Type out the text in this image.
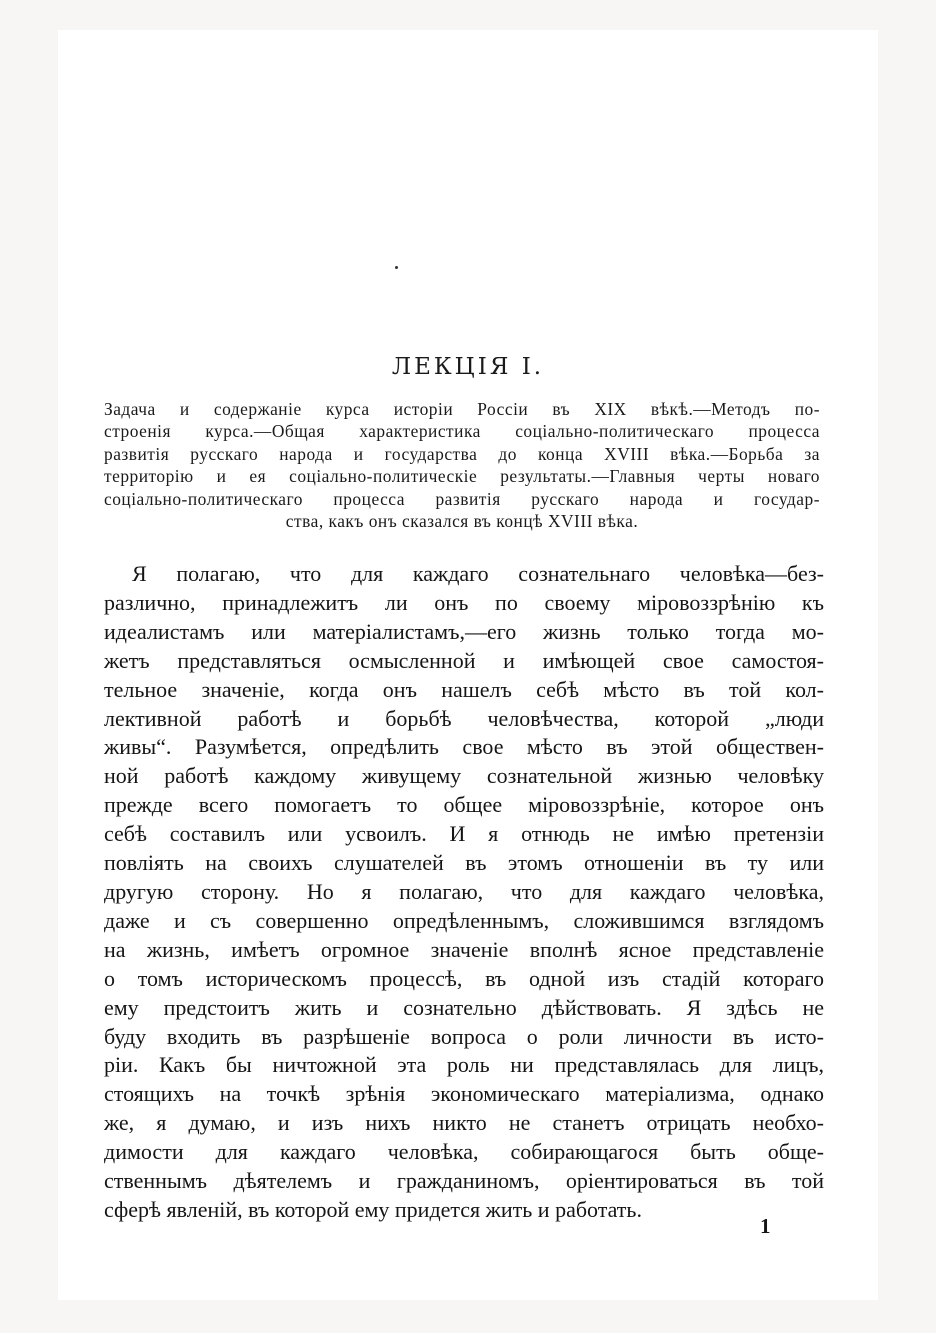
ЛЕКЦІЯ I.
Задача и содержаніе курса исторіи Россіи въ XIX вѣкѣ.—Методъ по-
строенія курса.—Общая характеристика соціально-политическаго процесса
развитія русскаго народа и государства до конца XVIII вѣка.—Борьба за
территорію и ея соціально-политическіе результаты.—Главныя черты новаго
соціально-политическаго процесса развитія русскаго народа и государ-
ства, какъ онъ сказался въ концѣ XVIII вѣка.
Я полагаю, что для каждаго сознательнаго человѣка—без-
различно, принадлежитъ ли онъ по своему міровоззрѣнію къ
идеалистамъ или матеріалистамъ,—его жизнь только тогда мо-
жетъ представляться осмысленной и имѣющей свое самостоя-
тельное значеніе, когда онъ нашелъ себѣ мѣсто въ той кол-
лективной работѣ и борьбѣ человѣчества, которой „люди
живы“. Разумѣется, опредѣлить свое мѣсто въ этой обществен-
ной работѣ каждому живущему сознательной жизнью человѣку
прежде всего помогаетъ то общее міровоззрѣніе, которое онъ
себѣ составилъ или усвоилъ. И я отнюдь не имѣю претензіи
повліять на своихъ слушателей въ этомъ отношеніи въ ту или
другую сторону. Но я полагаю, что для каждаго человѣка,
даже и съ совершенно опредѣленнымъ, сложившимся взглядомъ
на жизнь, имѣетъ огромное значеніе вполнѣ ясное представленіе
о томъ историческомъ процессѣ, въ одной изъ стадій котораго
ему предстоитъ жить и сознательно дѣйствовать. Я здѣсь не
буду входить въ разрѣшеніе вопроса о роли личности въ исто-
ріи. Какъ бы ничтожной эта роль ни представлялась для лицъ,
стоящихъ на точкѣ зрѣнія экономическаго матеріализма, однако
же, я думаю, и изъ нихъ никто не станетъ отрицать необхо-
димости для каждаго человѣка, собирающагося быть обще-
ственнымъ дѣятелемъ и гражданиномъ, оріентироваться въ той
сферѣ явленій, въ которой ему придется жить и работать.
1
